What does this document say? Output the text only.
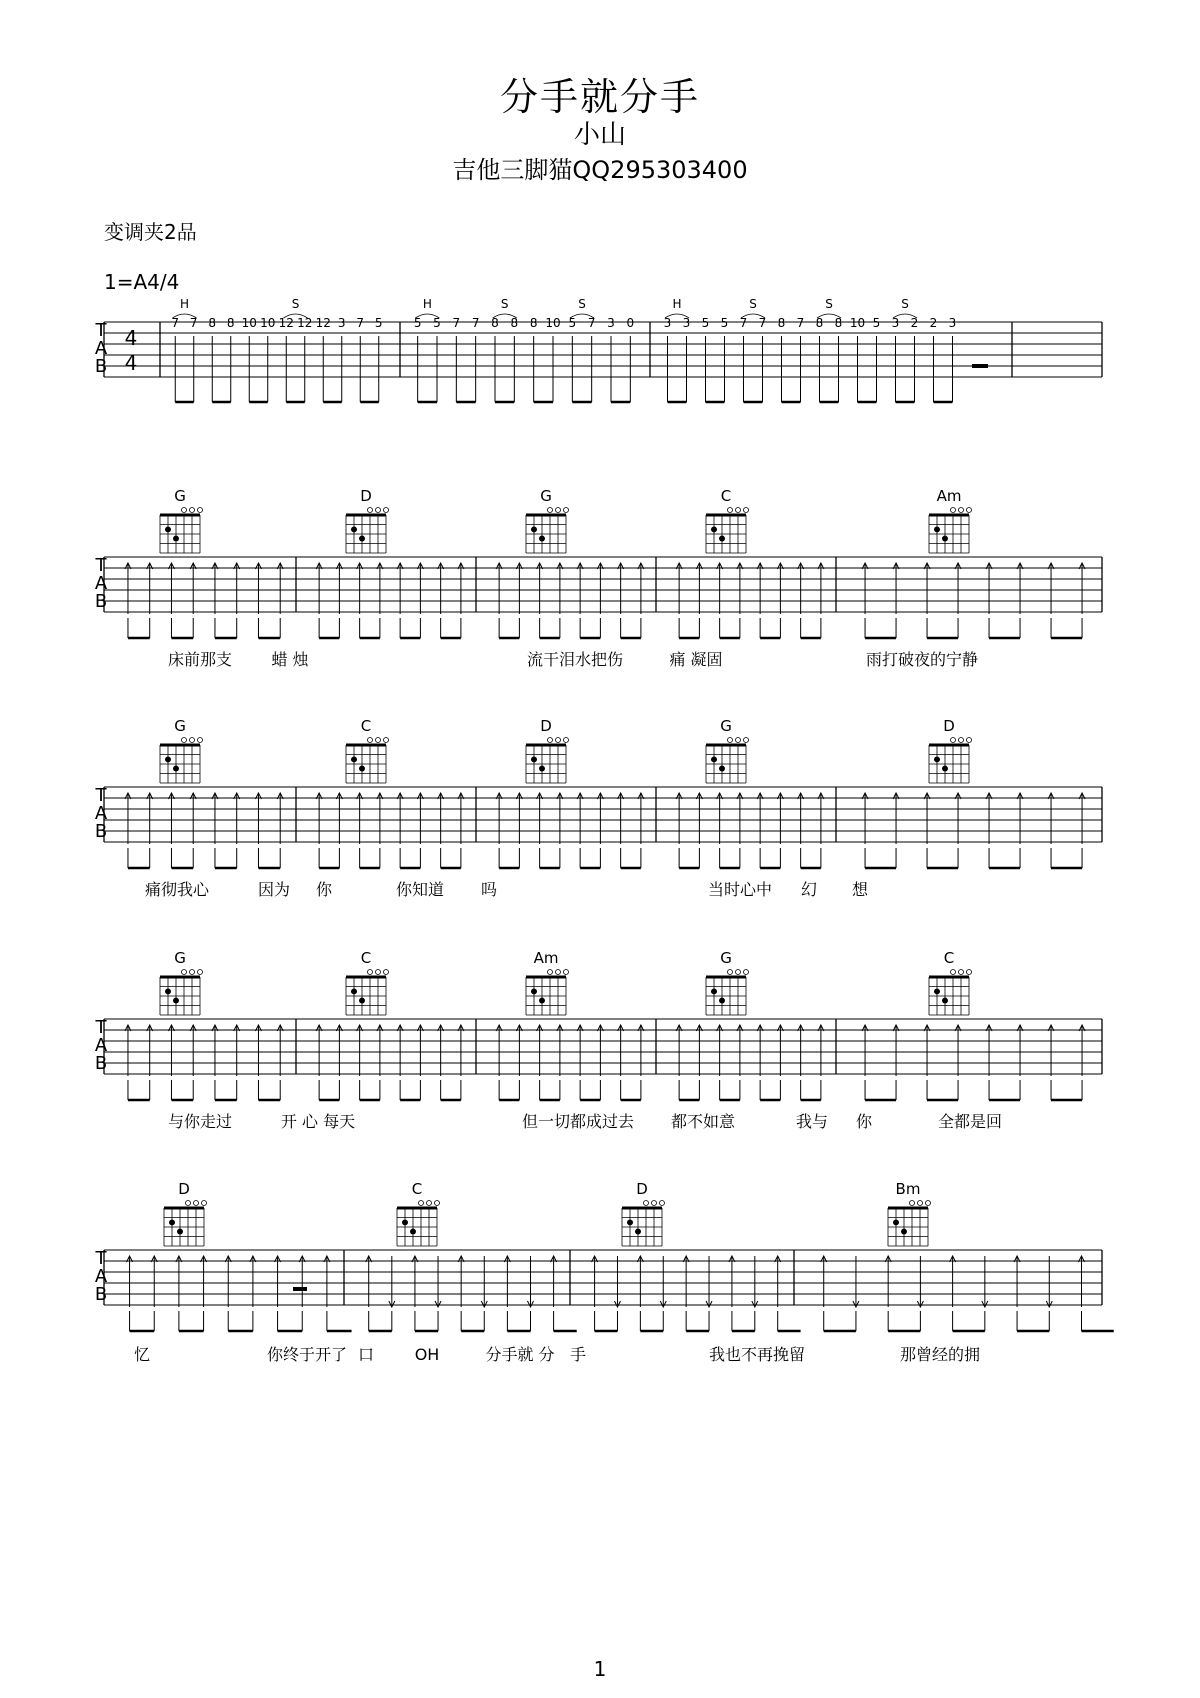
分手就分手
小山
吉他三脚猫QQ295303400
变调夹2品
1=A4/4
T
A
B
4
4
7 7 8 8 10 10 12 12 12 3 7 5
H	S
5 5 7 7 8 8 8 10 5 7 3 0
H	S	S
3 3 5 5 7 7 8 7 8 8 10 5 3 2 2 3
H	S	S	S
T
A
B
G	D	G	C	Am
床前那支 蜡 烛	流干泪水把伤	痛 凝固	雨打破夜的宁静
T
A
B
G	C	D	G	D
痛彻我心	因为 你	你知道 吗	当时心中 幻 想
T
A
B
G	C	Am	G	C
与你走过	开 心 每天	但一切都成过去 都不如意	我与 你	全都是回
T
A
B
D	C	D	Bm
忆	你终于开了 口	OH	分手就 分 手	我也不再挽留	那曾经的拥
1
